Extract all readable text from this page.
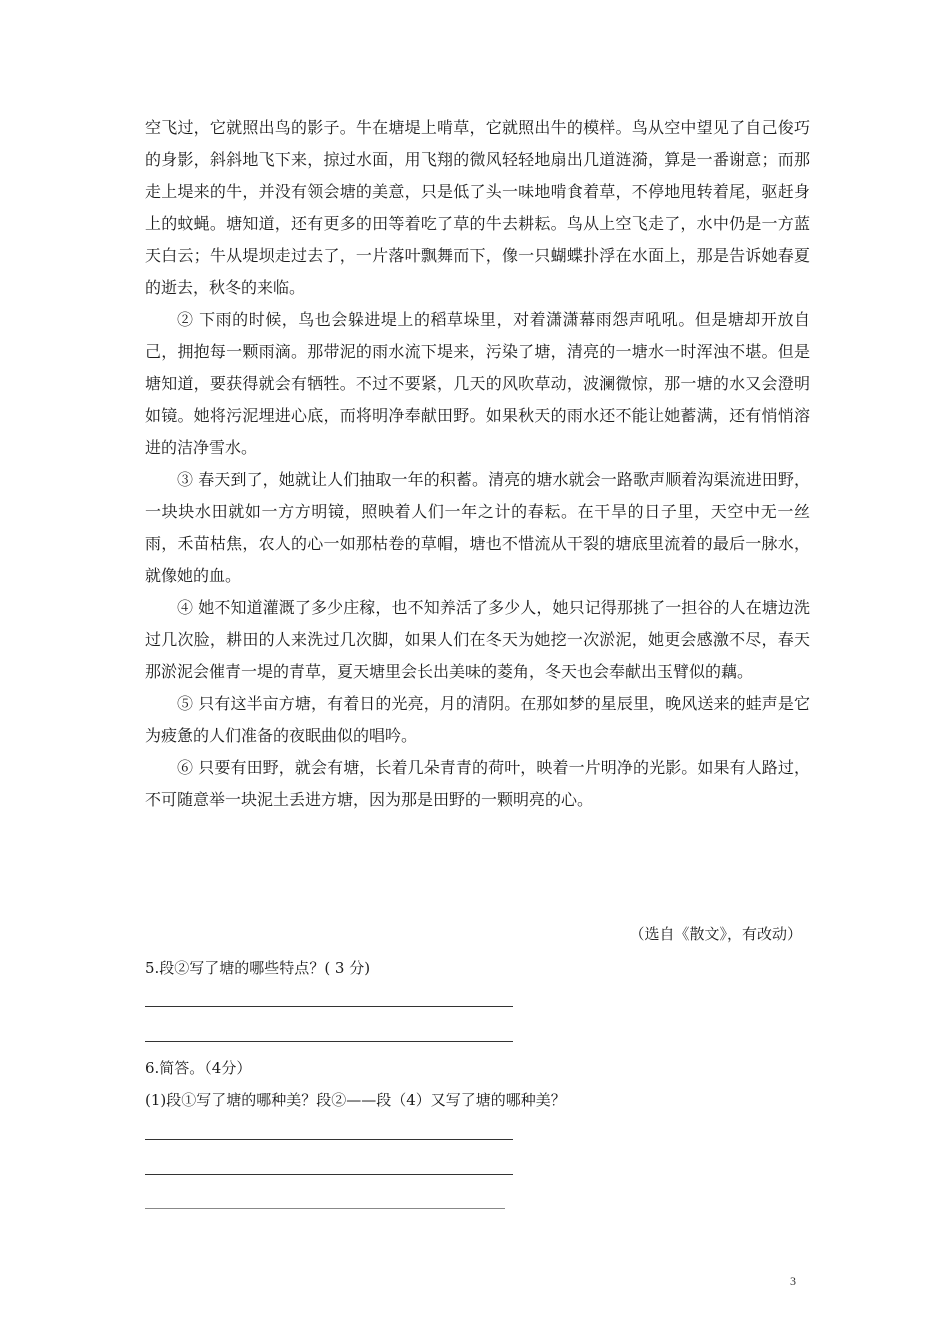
空飞过，它就照出鸟的影子。牛在塘堤上啃草，它就照出牛的模样。鸟从空中望见了自己俊巧的身影，斜斜地飞下来，掠过水面，用飞翔的微风轻轻地扇出几道涟漪，算是一番谢意；而那走上堤来的牛，并没有领会塘的美意，只是低了头一味地啃食着草，不停地甩转着尾，驱赶身上的蚊蝇。塘知道，还有更多的田等着吃了草的牛去耕耘。鸟从上空飞走了，水中仍是一方蓝天白云；牛从堤坝走过去了，一片落叶飘舞而下，像一只蝴蝶扑浮在水面上，那是告诉她春夏的逝去，秋冬的来临。

② 下雨的时候，鸟也会躲进堤上的稻草垛里，对着潇潇幕雨怨声吼吼。但是塘却开放自己，拥抱每一颗雨滴。那带泥的雨水流下堤来，污染了塘，清亮的一塘水一时浑浊不堪。但是塘知道，要获得就会有牺牲。不过不要紧，几天的风吹草动，波澜微惊，那一塘的水又会澄明如镜。她将污泥埋进心底，而将明净奉献田野。如果秋天的雨水还不能让她蓄满，还有悄悄溶进的洁净雪水。

③ 春天到了，她就让人们抽取一年的积蓄。清亮的塘水就会一路歌声顺着沟渠流进田野，一块块水田就如一方方明镜，照映着人们一年之计的春耘。在干旱的日子里，天空中无一丝雨，禾苗枯焦，农人的心一如那枯卷的草帽，塘也不惜流从干裂的塘底里流着的最后一脉水，就像她的血。

④ 她不知道灌溉了多少庄稼，也不知养活了多少人，她只记得那挑了一担谷的人在塘边洗过几次脸，耕田的人来洗过几次脚，如果人们在冬天为她挖一次淤泥，她更会感激不尽，春天那淤泥会催青一堤的青草，夏天塘里会长出美味的菱角，冬天也会奉献出玉臂似的藕。

⑤ 只有这半亩方塘，有着日的光亮，月的清阴。在那如梦的星辰里，晚风送来的蛙声是它为疲惫的人们准备的夜眠曲似的唱吟。

⑥ 只要有田野，就会有塘，长着几朵青青的荷叶，映着一片明净的光影。如果有人路过，不可随意举一块泥土丢进方塘，因为那是田野的一颗明亮的心。

（选自《散文》，有改动）
5.段②写了塘的哪些特点？( 3 分)
6.简答。（4分）
(1)段①写了塘的哪种美？段②——段（4）又写了塘的哪种美？
3
